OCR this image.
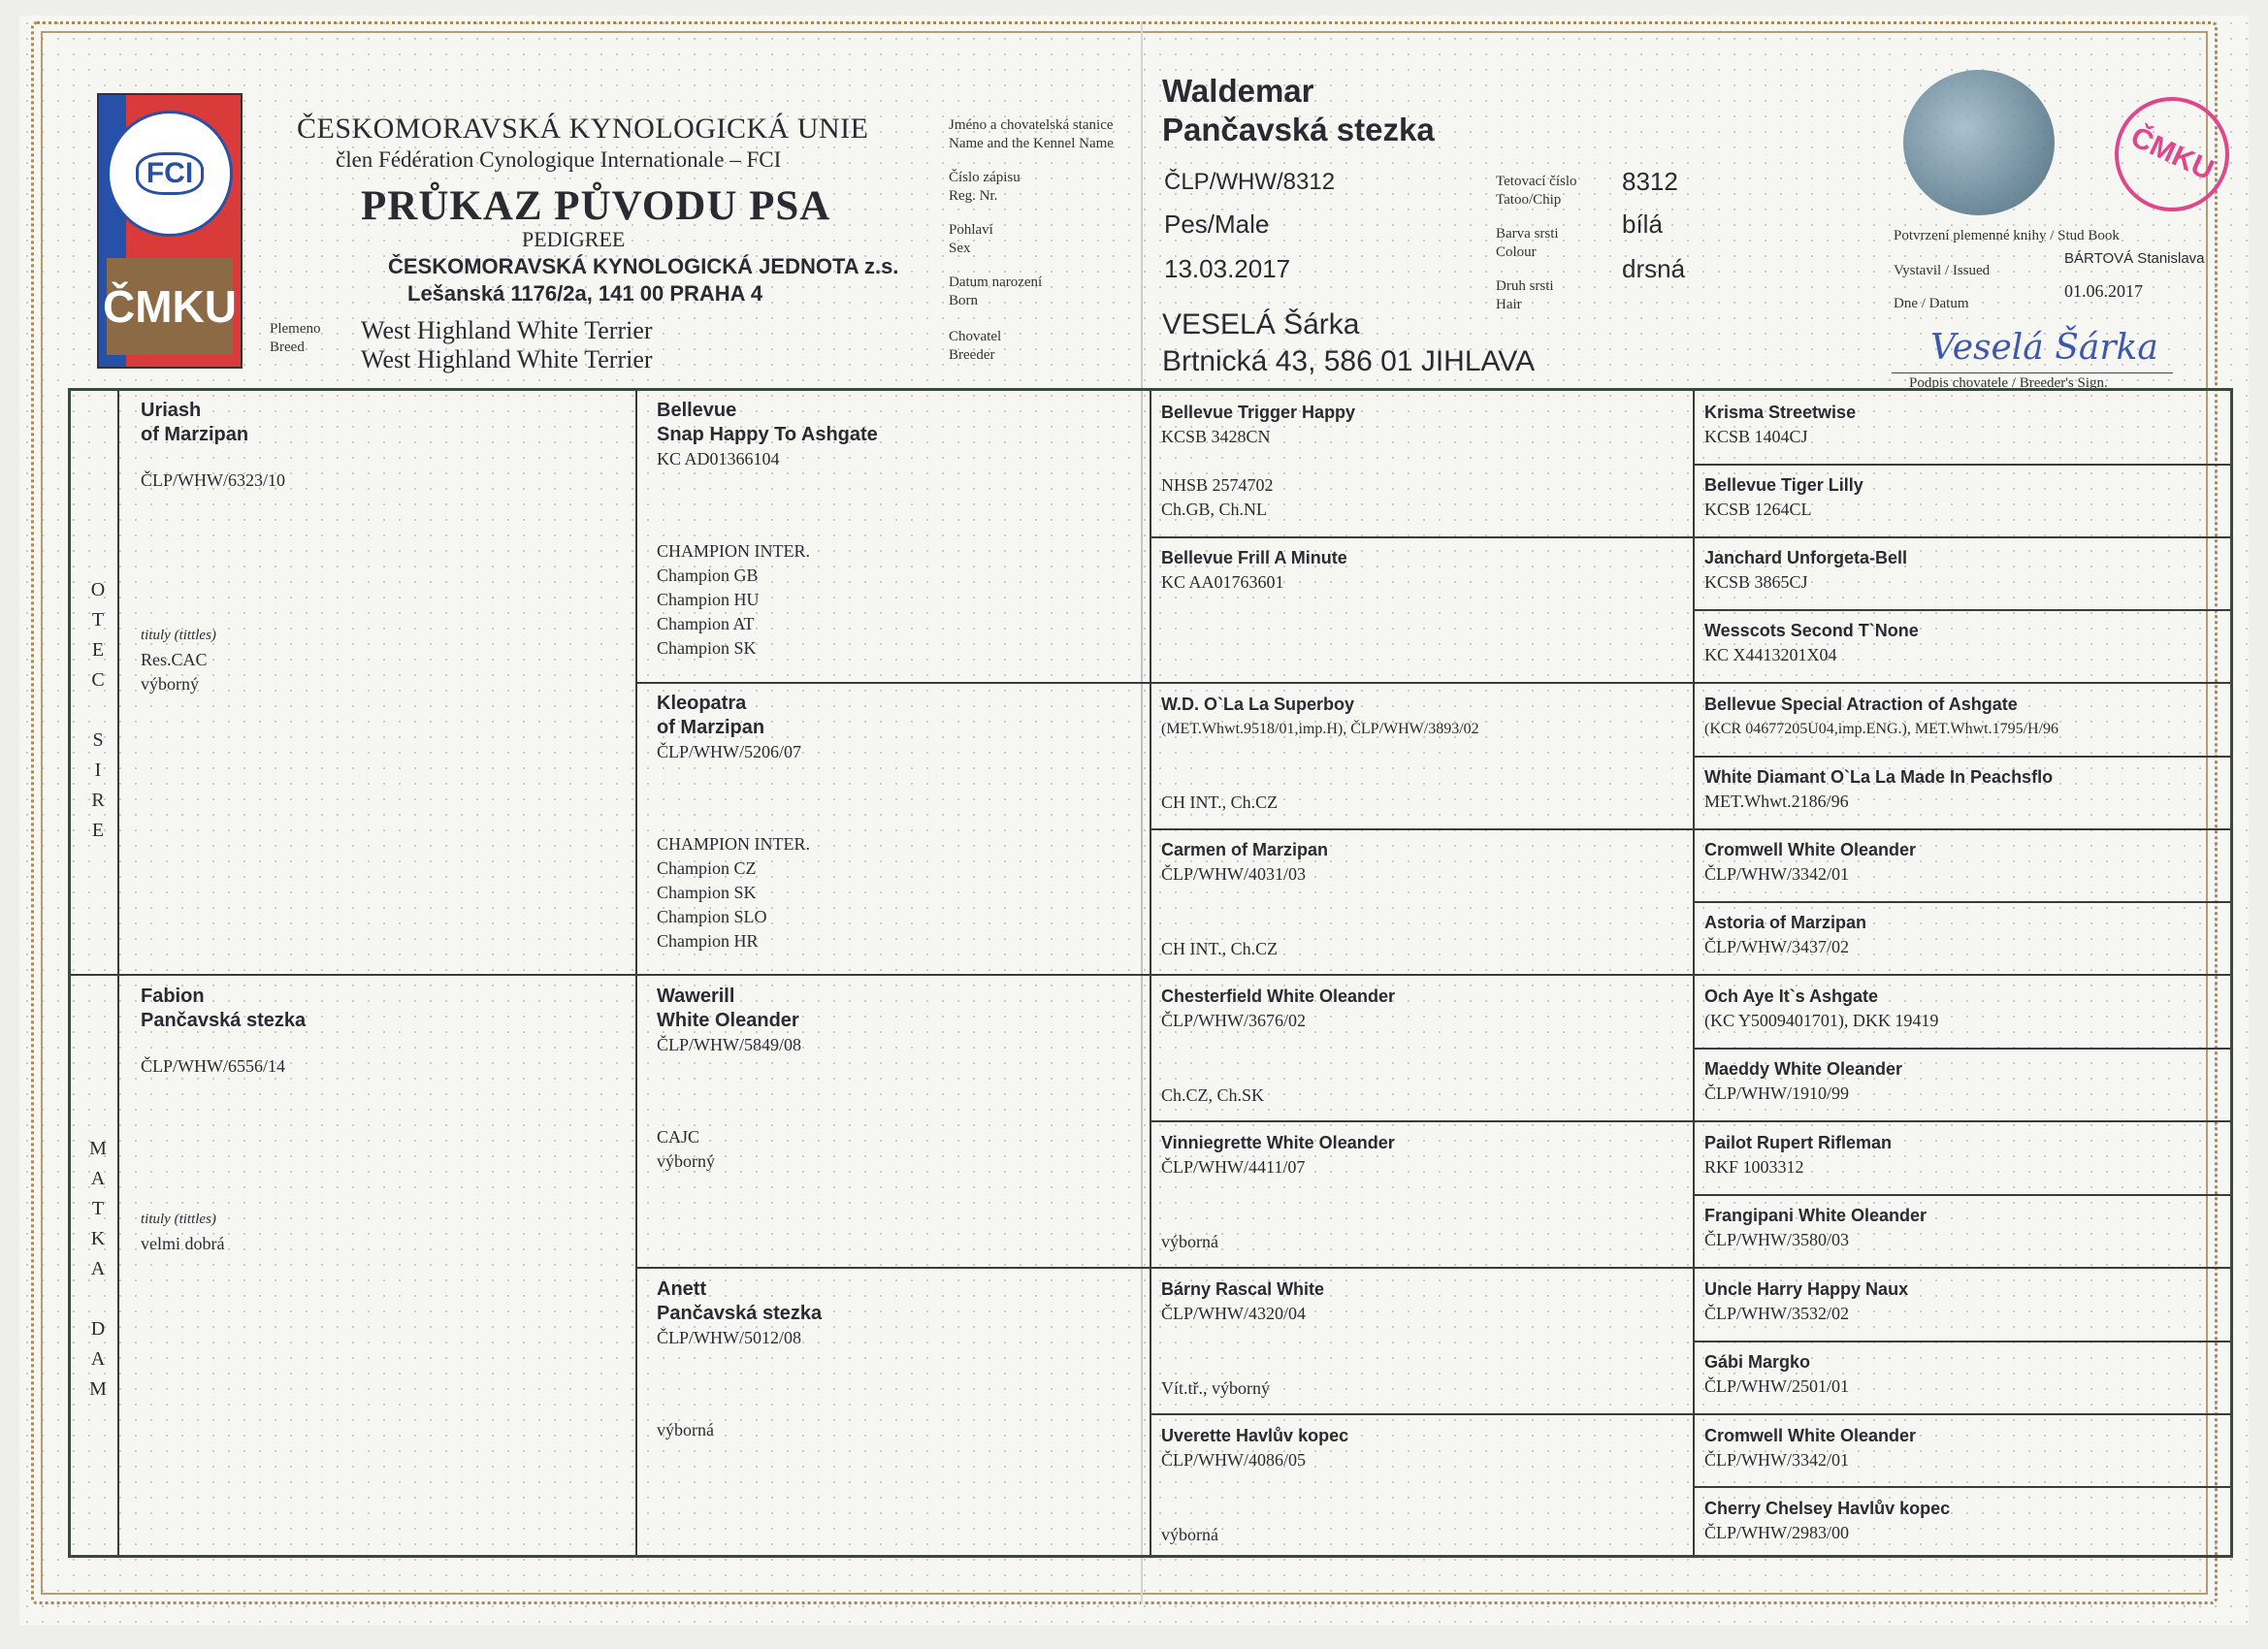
FCI
ČMKU
ČESKOMORAVSKÁ KYNOLOGICKÁ UNIE
člen Fédération Cynologique Internationale – FCI
PRŮKAZ PŮVODU PSA
PEDIGREE
ČESKOMORAVSKÁ KYNOLOGICKÁ JEDNOTA z.s.
Lešanská 1176/2a, 141 00 PRAHA 4
Plemeno
Breed
West Highland White Terrier
West Highland White Terrier
Jméno a chovatelská stanice
Name and the Kennel Name
Číslo zápisu
Reg. Nr.
Pohlaví
Sex
Datum narození
Born
Chovatel
Breeder
Waldemar
Pančavská stezka
ČLP/WHW/8312
Pes/Male
13.03.2017
VESELÁ Šárka
Brtnická 43, 586 01 JIHLAVA
Tetovací číslo
Tatoo/Chip
Barva srsti
Colour
Druh srsti
Hair
8312
bílá
drsná
ČMKU
Potvrzení plemenné knihy / Stud Book
Vystavil / Issued
BÁRTOVÁ Stanislava
Dne / Datum
01.06.2017
Veselá Šárka
Podpis chovatele / Breeder's Sign.
O
T
E
C
S
I
R
E
M
A
T
K
A
D
A
M
Uriash
of Marzipan
ČLP/WHW/6323/10
tituly (tittles)
Res.CAC
výborný
Fabion
Pančavská stezka
ČLP/WHW/6556/14
tituly (tittles)
velmi dobrá
Bellevue
Snap Happy To Ashgate
KC AD01366104
CHAMPION INTER.
Champion GB
Champion HU
Champion AT
Champion SK
Kleopatra
of Marzipan
ČLP/WHW/5206/07
CHAMPION INTER.
Champion CZ
Champion SK
Champion SLO
Champion HR
Wawerill
White Oleander
ČLP/WHW/5849/08
CAJC
výborný
Anett
Pančavská stezka
ČLP/WHW/5012/08
výborná
Bellevue Trigger Happy
KCSB 3428CN
NHSB 2574702
Ch.GB, Ch.NL
Bellevue Frill A Minute
KC AA01763601
W.D. O`La La Superboy
(MET.Whwt.9518/01,imp.H), ČLP/WHW/3893/02
CH INT., Ch.CZ
Carmen of Marzipan
ČLP/WHW/4031/03
CH INT., Ch.CZ
Chesterfield White Oleander
ČLP/WHW/3676/02
Ch.CZ, Ch.SK
Vinniegrette White Oleander
ČLP/WHW/4411/07
výborná
Bárny Rascal White
ČLP/WHW/4320/04
Vít.tř., výborný
Uverette Havlův kopec
ČLP/WHW/4086/05
výborná
Krisma Streetwise
KCSB 1404CJ
Bellevue Tiger Lilly
KCSB 1264CL
Janchard Unforgeta-Bell
KCSB 3865CJ
Wesscots Second T`None
KC X4413201X04
Bellevue Special Atraction of Ashgate
(KCR 04677205U04,imp.ENG.), MET.Whwt.1795/H/96
White Diamant O`La La Made In Peachsflo
MET.Whwt.2186/96
Cromwell White Oleander
ČLP/WHW/3342/01
Astoria of Marzipan
ČLP/WHW/3437/02
Och Aye It`s Ashgate
(KC Y5009401701), DKK 19419
Maeddy White Oleander
ČLP/WHW/1910/99
Pailot Rupert Rifleman
RKF 1003312
Frangipani White Oleander
ČLP/WHW/3580/03
Uncle Harry Happy Naux
ČLP/WHW/3532/02
Gábi Margko
ČLP/WHW/2501/01
Cromwell White Oleander
ČLP/WHW/3342/01
Cherry Chelsey Havlův kopec
ČLP/WHW/2983/00
